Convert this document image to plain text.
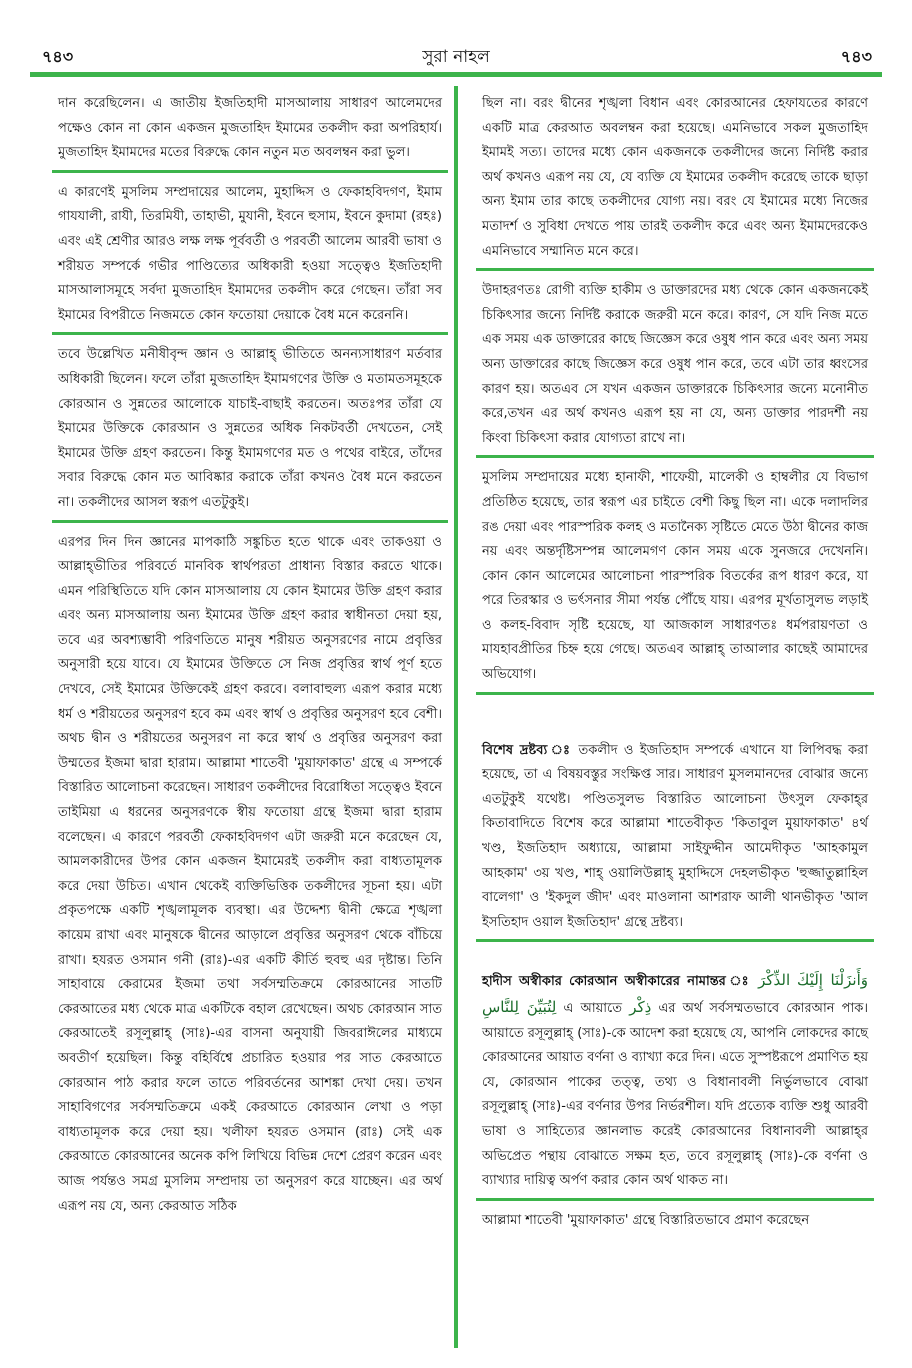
৭৪৩	সুরা নাহল	৭৪৩

দান করেছিলেন। এ জাতীয় ইজতিহাদী মাসআলায় সাধারণ আলেমদের পক্ষেও কোন না কোন একজন মুজতাহিদ ইমামের তকলীদ করা অপরিহার্য। মুজতাহিদ ইমামদের মতের বিরুদ্ধে কোন নতুন মত অবলম্বন করা ভুল।

এ কারণেই মুসলিম সম্প্রদায়ের আলেম, মুহাদ্দিস ও ফেকাহবিদগণ, ইমাম গাযযালী, রাযী, তিরমিযী, তাহাভী, মুযানী, ইবনে হুসাম, ইবনে কুদামা (রহঃ) এবং এই শ্রেণীর আরও লক্ষ লক্ষ পূর্ববর্তী ও পরবর্তী আলেম আরবী ভাষা ও শরীয়ত সম্পর্কে গভীর পাণ্ডিত্যের অধিকারী হওয়া সত্ত্বেও ইজতিহাদী মাসআলাসমূহে সর্বদা মুজতাহিদ ইমামদের তকলীদ করে গেছেন। তাঁরা সব ইমামের বিপরীতে নিজমতে কোন ফতোয়া দেয়াকে বৈধ মনে করেননি।

তবে উল্লেখিত মনীষীবৃন্দ জ্ঞান ও আল্লাহ্ ভীতিতে অনন্যসাধারণ মর্তবার অধিকারী ছিলেন। ফলে তাঁরা মুজতাহিদ ইমামগণের উক্তি ও মতামতসমূহকে কোরআন ও সুন্নতের আলোকে যাচাই-বাছাই করতেন। অতঃপর তাঁরা যে ইমামের উক্তিকে কোরআন ও সুন্নতের অধিক নিকটবর্তী দেখতেন, সেই ইমামের উক্তি গ্রহণ করতেন। কিন্তু ইমামগণের মত ও পথের বাইরে, তাঁদের সবার বিরুদ্ধে কোন মত আবিষ্কার করাকে তাঁরা কখনও বৈধ মনে করতেন না। তকলীদের আসল স্বরূপ এতটুকুই।

এরপর দিন দিন জ্ঞানের মাপকাঠি সঙ্কুচিত হতে থাকে এবং তাকওয়া ও আল্লাহ্‌ভীতির পরিবর্তে মানবিক স্বার্থপরতা প্রাধান্য বিস্তার করতে থাকে। এমন পরিস্থিতিতে যদি কোন মাসআলায় যে কোন ইমামের উক্তি গ্রহণ করার এবং অন্য মাসআলায় অন্য ইমামের উক্তি গ্রহণ করার স্বাধীনতা দেয়া হয়, তবে এর অবশ্যম্ভাবী পরিণতিতে মানুষ শরীয়ত অনুসরণের নামে প্রবৃত্তির অনুসারী হয়ে যাবে। যে ইমামের উক্তিতে সে নিজ প্রবৃত্তির স্বার্থ পূর্ণ হতে দেখবে, সেই ইমামের উক্তিকেই গ্রহণ করবে। বলাবাহুল্য এরূপ করার মধ্যে ধর্ম ও শরীয়তের অনুসরণ হবে কম এবং স্বার্থ ও প্রবৃত্তির অনুসরণ হবে বেশী। অথচ দ্বীন ও শরীয়তের অনুসরণ না করে স্বার্থ ও প্রবৃত্তির অনুসরণ করা উম্মতের ইজমা দ্বারা হারাম। আল্লামা শাতেবী 'মুয়াফাকাত' গ্রন্থে এ সম্পর্কে বিস্তারিত আলোচনা করেছেন। সাধারণ তকলীদের বিরোধিতা সত্ত্বেও ইবনে তাইমিয়া এ ধরনের অনুসরণকে স্বীয় ফতোয়া গ্রন্থে ইজমা দ্বারা হারাম বলেছেন। এ কারণে পরবর্তী ফেকাহবিদগণ এটা জরুরী মনে করেছেন যে, আমলকারীদের উপর কোন একজন ইমামেরই তকলীদ করা বাধ্যতামূলক করে দেয়া উচিত। এখান থেকেই ব্যক্তিভিত্তিক তকলীদের সূচনা হয়। এটা প্রকৃতপক্ষে একটি শৃঙ্খলামূলক ব্যবস্থা। এর উদ্দেশ্য দ্বীনী ক্ষেত্রে শৃঙ্খলা কায়েম রাখা এবং মানুষকে দ্বীনের আড়ালে প্রবৃত্তির অনুসরণ থেকে বাঁচিয়ে রাখা। হযরত ওসমান গনী (রাঃ)-এর একটি কীর্তি হুবহু এর দৃষ্টান্ত। তিনি সাহাবায়ে কেরামের ইজমা তথা সর্বসম্মতিক্রমে কোরআনের সাতটি কেরআতের মধ্য থেকে মাত্র একটিকে বহাল রেখেছেন। অথচ কোরআন সাত কেরআতেই রসূলুল্লাহ্ (সাঃ)-এর বাসনা অনুযায়ী জিবরাঈলের মাধ্যমে অবতীর্ণ হয়েছিল। কিন্তু বহির্বিশ্বে প্রচারিত হওয়ার পর সাত কেরআতে কোরআন পাঠ করার ফলে তাতে পরিবর্তনের আশঙ্কা দেখা দেয়। তখন সাহাবিগণের সর্বসম্মতিক্রমে একই কেরআতে কোরআন লেখা ও পড়া বাধ্যতামূলক করে দেয়া হয়। খলীফা হযরত ওসমান (রাঃ) সেই এক কেরআতে কোরআনের অনেক কপি লিখিয়ে বিভিন্ন দেশে প্রেরণ করেন এবং আজ পর্যন্তও সমগ্র মুসলিম সম্প্রদায় তা অনুসরণ করে যাচ্ছেন। এর অর্থ এরূপ নয় যে, অন্য কেরআত সঠিক

ছিল না। বরং দ্বীনের শৃঙ্খলা বিধান এবং কোরআনের হেফাযতের কারণে একটি মাত্র কেরআত অবলম্বন করা হয়েছে। এমনিভাবে সকল মুজতাহিদ ইমামই সত্য। তাদের মধ্যে কোন একজনকে তকলীদের জন্যে নির্দিষ্ট করার অর্থ কখনও এরূপ নয় যে, যে ব্যক্তি যে ইমামের তকলীদ করেছে তাকে ছাড়া অন্য ইমাম তার কাছে তকলীদের যোগ্য নয়। বরং যে ইমামের মধ্যে নিজের মতাদর্শ ও সুবিধা দেখতে পায় তারই তকলীদ করে এবং অন্য ইমামদেরকেও এমনিভাবে সম্মানিত মনে করে।

উদাহরণতঃ রোগী ব্যক্তি হাকীম ও ডাক্তারদের মধ্য থেকে কোন একজনকেই চিকিৎসার জন্যে নির্দিষ্ট করাকে জরুরী মনে করে। কারণ, সে যদি নিজ মতে এক সময় এক ডাক্তারের কাছে জিজ্ঞেস করে ওষুধ পান করে এবং অন্য সময় অন্য ডাক্তারের কাছে জিজ্ঞেস করে ওষুধ পান করে, তবে এটা তার ধ্বংসের কারণ হয়। অতএব সে যখন একজন ডাক্তারকে চিকিৎসার জন্যে মনোনীত করে,তখন এর অর্থ কখনও এরূপ হয় না যে, অন্য ডাক্তার পারদর্শী নয় কিংবা চিকিৎসা করার যোগ্যতা রাখে না।

মুসলিম সম্প্রদায়ের মধ্যে হানাফী, শাফেয়ী, মালেকী ও হাম্বলীর যে বিভাগ প্রতিষ্ঠিত হয়েছে, তার স্বরূপ এর চাইতে বেশী কিছু ছিল না। একে দলাদলির রঙ দেয়া এবং পারস্পরিক কলহ ও মতানৈক্য সৃষ্টিতে মেতে উঠা দ্বীনের কাজ নয় এবং অন্তর্দৃষ্টিসম্পন্ন আলেমগণ কোন সময় একে সুনজরে দেখেননি। কোন কোন আলেমের আলোচনা পারস্পরিক বিতর্কের রূপ ধারণ করে, যা পরে তিরস্কার ও ভর্ৎসনার সীমা পর্যন্ত পৌঁছে যায়। এরপর মূর্খতাসুলভ লড়াই ও কলহ-বিবাদ সৃষ্টি হয়েছে, যা আজকাল সাধারণতঃ ধর্মপরায়ণতা ও মাযহাবপ্রীতির চিহ্ন হয়ে গেছে। অতএব আল্লাহ্ তাআলার কাছেই আমাদের অভিযোগ।

বিশেষ দ্রষ্টব্য ঃ তকলীদ ও ইজতিহাদ সম্পর্কে এখানে যা লিপিবদ্ধ করা হয়েছে, তা এ বিষয়বস্তুর সংক্ষিপ্ত সার। সাধারণ মুসলমানদের বোঝার জন্যে এতটুকুই যথেষ্ট। পণ্ডিতসুলভ বিস্তারিত আলোচনা উৎসুল ফেকাহ্‌র কিতাবাদিতে বিশেষ করে আল্লামা শাতেবীকৃত 'কিতাবুল মুয়াফাকাত' ৪র্থ খণ্ড, ইজতিহাদ অধ্যায়ে, আল্লামা সাইফুদ্দীন আমেদীকৃত 'আহকামুল আহকাম' ৩য় খণ্ড, শাহ্ ওয়ালিউল্লাহ্ মুহাদ্দিসে দেহলভীকৃত 'হুজ্জাতুল্লাহিল বালেগা' ও 'ইকদুল জীদ' এবং মাওলানা আশরাফ আলী থানভীকৃত 'আল ইসতিহাদ ওয়াল ইজতিহাদ' গ্রন্থে দ্রষ্টব্য।

হাদীস অস্বীকার কোরআন অস্বীকারের নামান্তর ঃ	وَأَنزَلْنَا إِلَيْكَ الذِّكْرَ لِتُبَيِّنَ لِلنَّاسِ এ আয়াতে ذِكْر এর অর্থ সর্বসম্মতভাবে কোরআন পাক। আয়াতে রসূলুল্লাহ্ (সাঃ)-কে আদেশ করা হয়েছে যে, আপনি লোকদের কাছে কোরআনের আয়াত বর্ণনা ও ব্যাখ্যা করে দিন। এতে সুস্পষ্টরূপে প্রমাণিত হয় যে, কোরআন পাকের তত্ত্ব, তথ্য ও বিধানাবলী নির্ভুলভাবে বোঝা রসূলুল্লাহ্ (সাঃ)-এর বর্ণনার উপর নির্ভরশীল। যদি প্রত্যেক ব্যক্তি শুধু আরবী ভাষা ও সাহিত্যের জ্ঞানলাভ করেই কোরআনের বিধানাবলী আল্লাহ্‌র অভিপ্রেত পন্থায় বোঝাতে সক্ষম হত, তবে রসূলুল্লাহ্ (সাঃ)-কে বর্ণনা ও ব্যাখ্যার দায়িত্ব অর্পণ করার কোন অর্থ থাকত না।

আল্লামা শাতেবী 'মুয়াফাকাত' গ্রন্থে বিস্তারিতভাবে প্রমাণ করেছেন
